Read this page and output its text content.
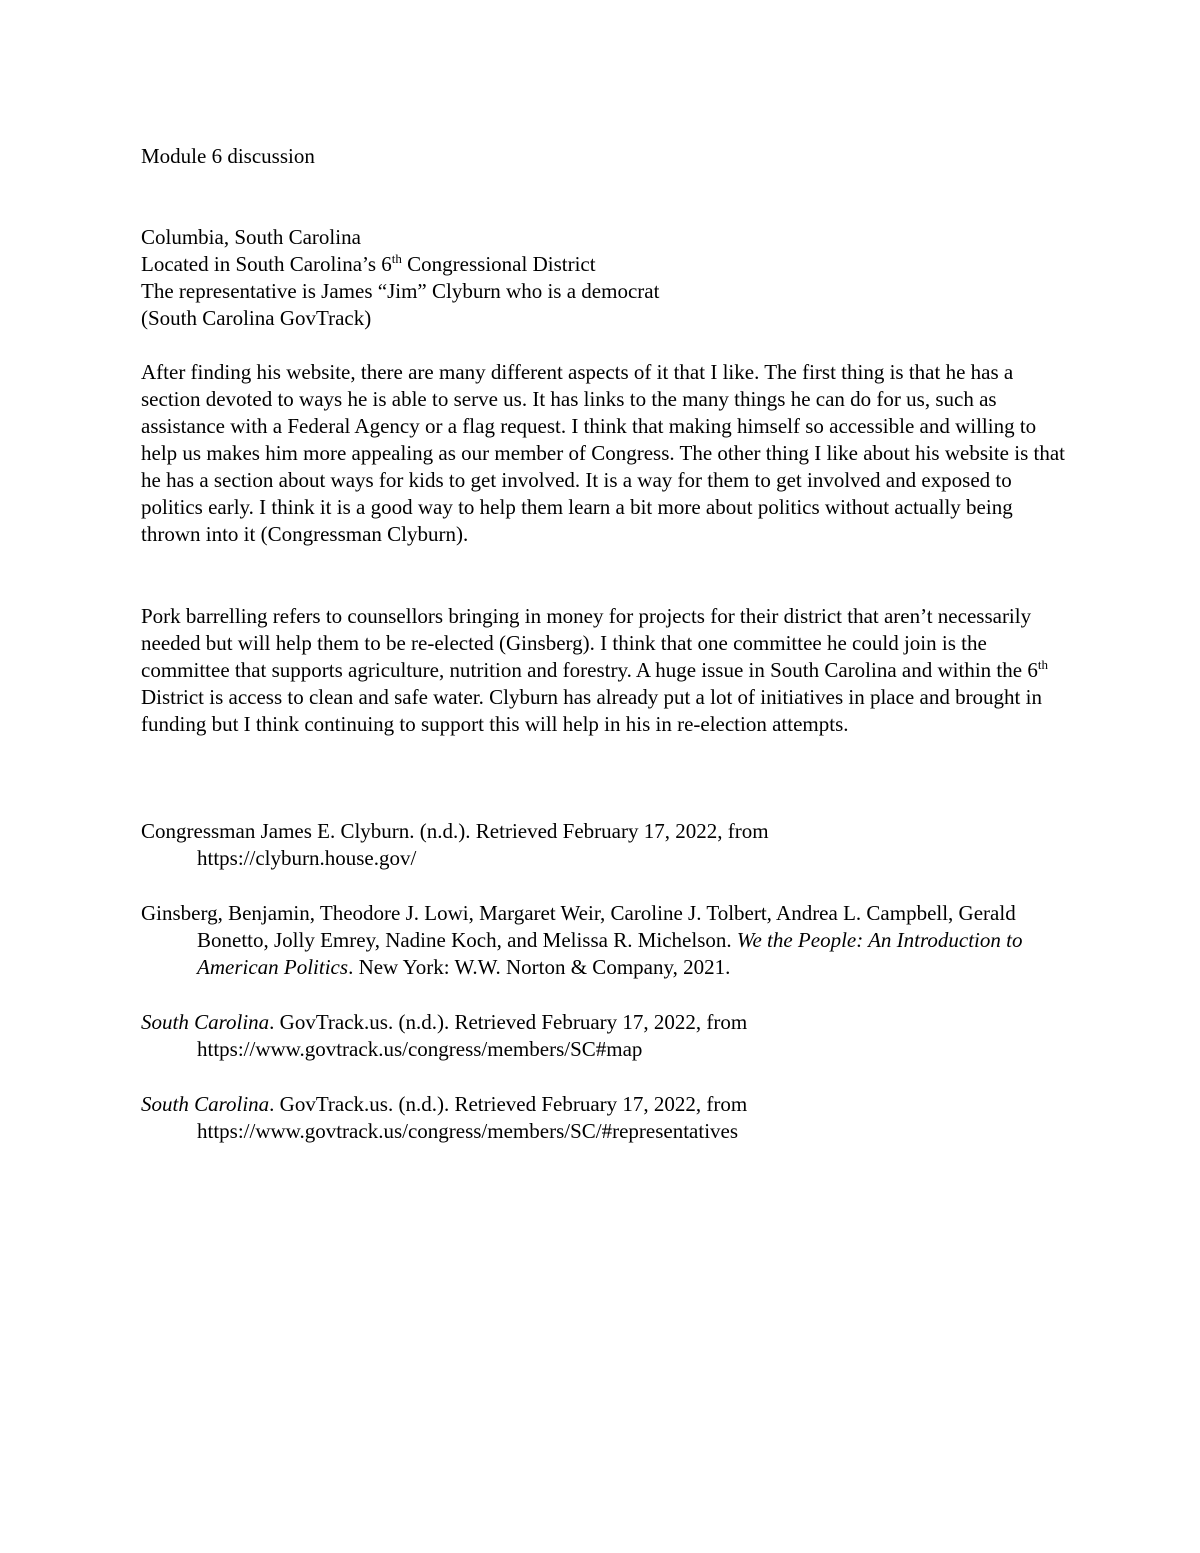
Module 6 discussion
Columbia, South Carolina
Located in South Carolina’s 6th Congressional District
The representative is James “Jim” Clyburn who is a democrat
(South Carolina GovTrack)

After finding his website, there are many different aspects of it that I like. The first thing is that he has a section devoted to ways he is able to serve us. It has links to the many things he can do for us, such as assistance with a Federal Agency or a flag request. I think that making himself so accessible and willing to help us makes him more appealing as our member of Congress. The other thing I like about his website is that he has a section about ways for kids to get involved. It is a way for them to get involved and exposed to politics early. I think it is a good way to help them learn a bit more about politics without actually being thrown into it (Congressman Clyburn).

Pork barrelling refers to counsellors bringing in money for projects for their district that aren’t necessarily needed but will help them to be re-elected (Ginsberg). I think that one committee he could join is the committee that supports agriculture, nutrition and forestry. A huge issue in South Carolina and within the 6th District is access to clean and safe water. Clyburn has already put a lot of initiatives in place and brought in funding but I think continuing to support this will help in his in re-election attempts.

Congressman James E. Clyburn. (n.d.). Retrieved February 17, 2022, from
https://clyburn.house.gov/

Ginsberg, Benjamin, Theodore J. Lowi, Margaret Weir, Caroline J. Tolbert, Andrea L. Campbell, Gerald Bonetto, Jolly Emrey, Nadine Koch, and Melissa R. Michelson. We the People: An Introduction to American Politics. New York: W.W. Norton & Company, 2021.

South Carolina. GovTrack.us. (n.d.). Retrieved February 17, 2022, from
https://www.govtrack.us/congress/members/SC#map

South Carolina. GovTrack.us. (n.d.). Retrieved February 17, 2022, from
https://www.govtrack.us/congress/members/SC/#representatives
